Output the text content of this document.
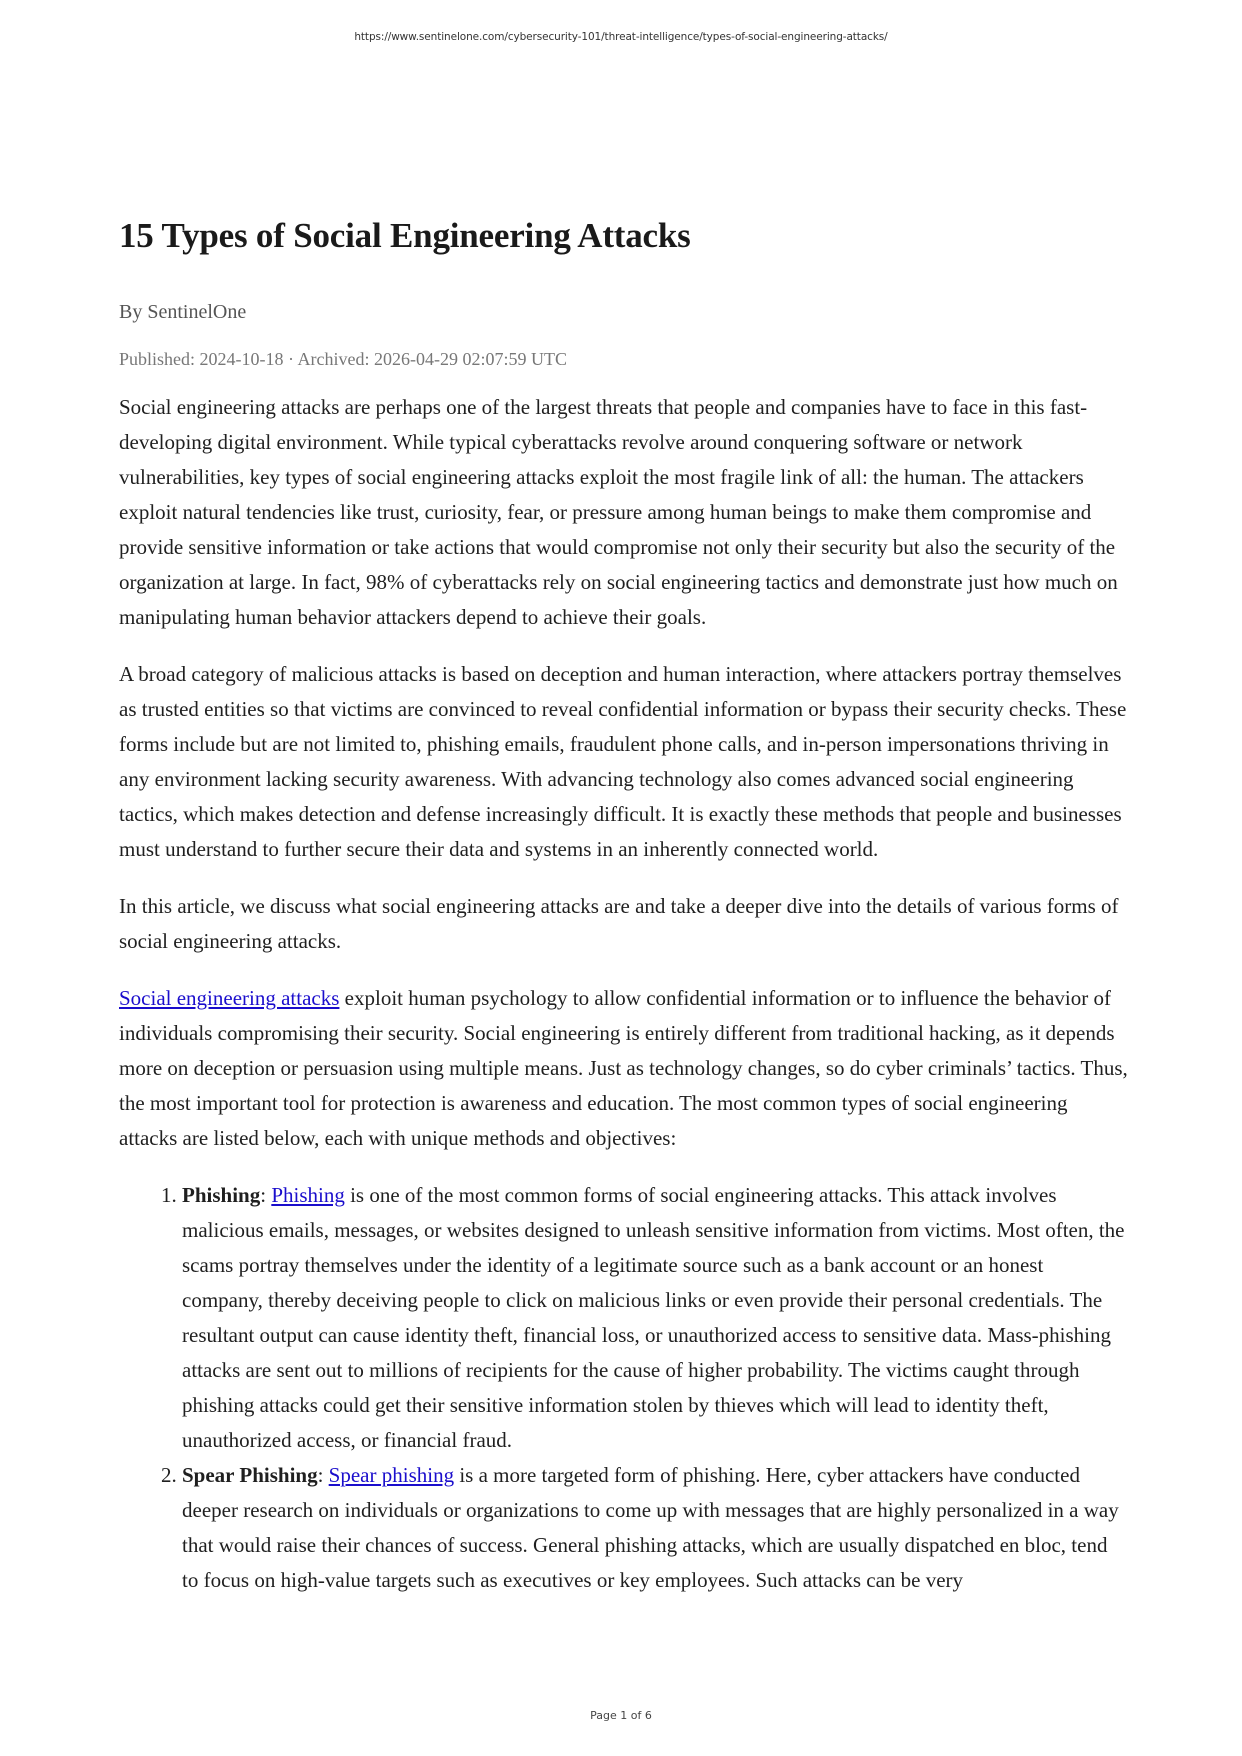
https://www.sentinelone.com/cybersecurity-101/threat-intelligence/types-of-social-engineering-attacks/
15 Types of Social Engineering Attacks
By SentinelOne
Published: 2024-10-18 · Archived: 2026-04-29 02:07:59 UTC

Social engineering attacks are perhaps one of the largest threats that people and companies have to face in this fast-developing digital environment. While typical cyberattacks revolve around conquering software or network vulnerabilities, key types of social engineering attacks exploit the most fragile link of all: the human. The attackers exploit natural tendencies like trust, curiosity, fear, or pressure among human beings to make them compromise and provide sensitive information or take actions that would compromise not only their security but also the security of the organization at large. In fact, 98% of cyberattacks rely on social engineering tactics and demonstrate just how much on manipulating human behavior attackers depend to achieve their goals.

A broad category of malicious attacks is based on deception and human interaction, where attackers portray themselves as trusted entities so that victims are convinced to reveal confidential information or bypass their security checks. These forms include but are not limited to, phishing emails, fraudulent phone calls, and in-person impersonations thriving in any environment lacking security awareness. With advancing technology also comes advanced social engineering tactics, which makes detection and defense increasingly difficult. It is exactly these methods that people and businesses must understand to further secure their data and systems in an inherently connected world.

In this article, we discuss what social engineering attacks are and take a deeper dive into the details of various forms of social engineering attacks.

Social engineering attacks exploit human psychology to allow confidential information or to influence the behavior of individuals compromising their security. Social engineering is entirely different from traditional hacking, as it depends more on deception or persuasion using multiple means. Just as technology changes, so do cyber criminals’ tactics. Thus, the most important tool for protection is awareness and education. The most common types of social engineering attacks are listed below, each with unique methods and objectives:

1. Phishing: Phishing is one of the most common forms of social engineering attacks. This attack involves malicious emails, messages, or websites designed to unleash sensitive information from victims. Most often, the scams portray themselves under the identity of a legitimate source such as a bank account or an honest company, thereby deceiving people to click on malicious links or even provide their personal credentials. The resultant output can cause identity theft, financial loss, or unauthorized access to sensitive data. Mass-phishing attacks are sent out to millions of recipients for the cause of higher probability. The victims caught through phishing attacks could get their sensitive information stolen by thieves which will lead to identity theft, unauthorized access, or financial fraud.
2. Spear Phishing: Spear phishing is a more targeted form of phishing. Here, cyber attackers have conducted deeper research on individuals or organizations to come up with messages that are highly personalized in a way that would raise their chances of success. General phishing attacks, which are usually dispatched en bloc, tend to focus on high-value targets such as executives or key employees. Such attacks can be very
Page 1 of 6
